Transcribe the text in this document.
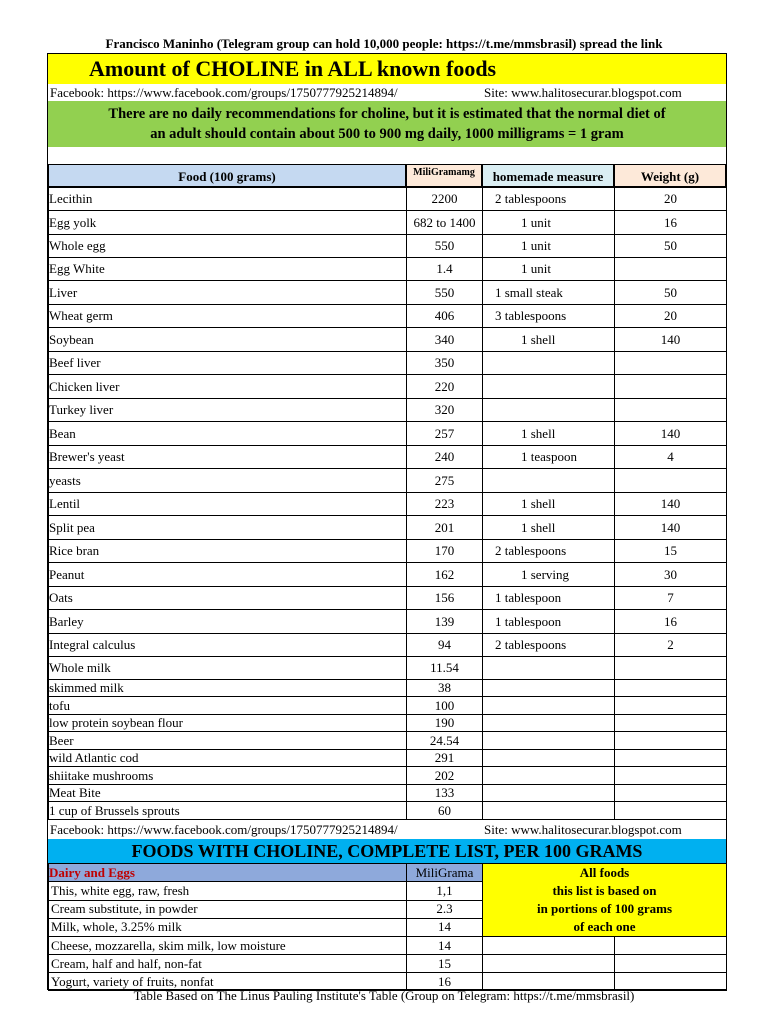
Francisco Maninho (Telegram group can hold 10,000 people: https://t.me/mmsbrasil) spread the link
Amount of CHOLINE in ALL known foods
Facebook: https://www.facebook.com/groups/1750777925214894/	Site: www.halitosecurar.blogspot.com
There are no daily recommendations for choline, but it is estimated that the normal diet of
an adult should contain about 500 to 900 mg daily, 1000 milligrams = 1 gram
Food (100 grams)	MiliGramamg	homemade measure	Weight (g)
Lecithin	2200	2 tablespoons	20
Egg yolk	682 to 1400	1 unit	16
Whole egg	550	1 unit	50
Egg White	1.4	1 unit	
Liver	550	1 small steak	50
Wheat germ	406	3 tablespoons	20
Soybean	340	1 shell	140
Beef liver	350		
Chicken liver	220		
Turkey liver	320		
Bean	257	1 shell	140
Brewer's yeast	240	1 teaspoon	4
yeasts	275		
Lentil	223	1 shell	140
Split pea	201	1 shell	140
Rice bran	170	2 tablespoons	15
Peanut	162	1 serving	30
Oats	156	1 tablespoon	7
Barley	139	1 tablespoon	16
Integral calculus	94	2 tablespoons	2
Whole milk	11.54		
skimmed milk	38		
tofu	100		
low protein soybean flour	190		
Beer	24.54		
wild Atlantic cod	291		
shiitake mushrooms	202		
Meat Bite	133		
1 cup of Brussels sprouts	60		
Facebook: https://www.facebook.com/groups/1750777925214894/	Site: www.halitosecurar.blogspot.com
FOODS WITH CHOLINE, COMPLETE LIST, PER 100 GRAMS
Dairy and Eggs	MiliGrama	All foods
this list is based on
in portions of 100 grams
of each one	

This, white egg, raw, fresh	1,1		
Cream substitute, in powder	2.3		
Milk, whole, 3.25% milk	14		
Cheese, mozzarella, skim milk, low moisture	14		
Cream, half and half, non-fat	15		
Yogurt, variety of fruits, nonfat	16		
Table Based on The Linus Pauling Institute's Table (Group on Telegram: https://t.me/mmsbrasil)
